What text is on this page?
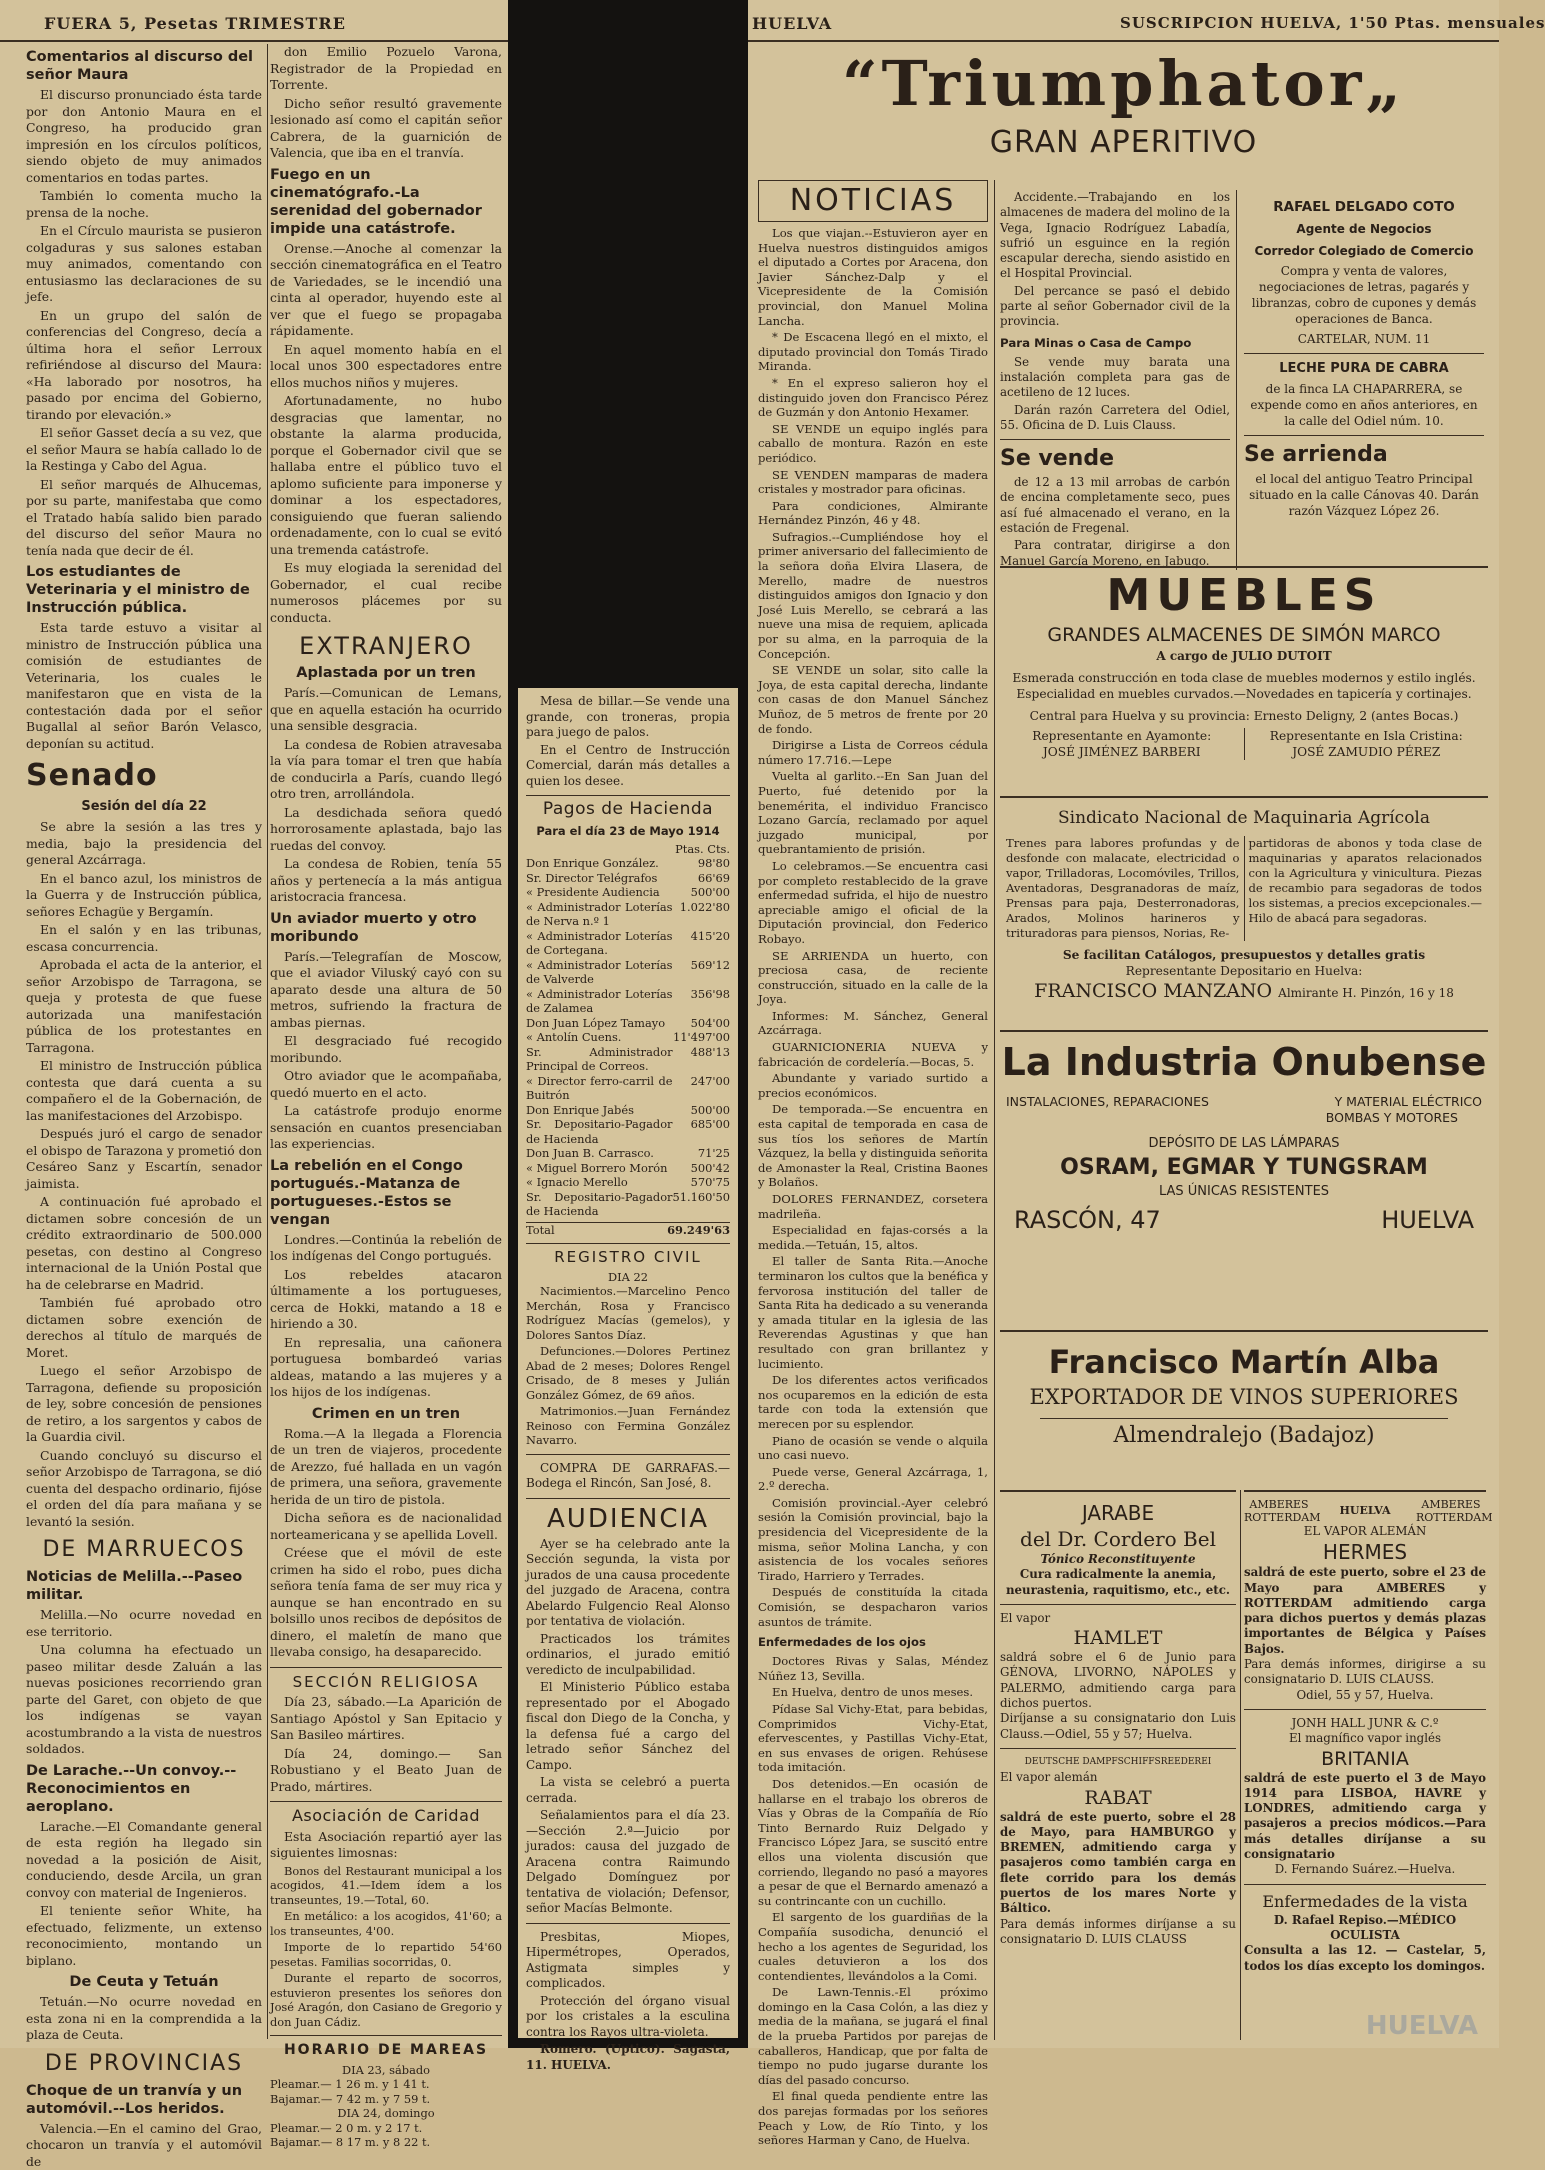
FUERA 5, Pesetas TRIMESTRE	HUELVA	SUSCRIPCION HUELVA, 1'50 Ptas. mensuales
Comentarios al discurso del señor Maura

El discurso pronunciado ésta tarde por don Antonio Maura en el Congreso, ha producido gran impresión en los círculos políticos, siendo objeto de muy animados comentarios en todas partes.

También lo comenta mucho la prensa de la noche.

En el Círculo maurista se pusieron colgaduras y sus salones estaban muy animados, comentando con entusiasmo las declaraciones de su jefe.

En un grupo del salón de conferencias del Congreso, decía a última hora el señor Lerroux refiriéndose al discurso del Maura: «Ha laborado por nosotros, ha pasado por encima del Gobierno, tirando por elevación.»

El señor Gasset decía a su vez, que el señor Maura se había callado lo de la Restinga y Cabo del Agua.

El señor marqués de Alhucemas, por su parte, manifestaba que como el Tratado había salido bien parado del discurso del señor Maura no tenía nada que decir de él.

Los estudiantes de Veterinaria y el ministro de Instrucción pública.

Esta tarde estuvo a visitar al ministro de Instrucción pública una comisión de estudiantes de Veterinaria, los cuales le manifestaron que en vista de la contestación dada por el señor Bugallal al señor Barón Velasco, deponían su actitud.

Senado
Sesión del día 22

Se abre la sesión a las tres y media, bajo la presidencia del general Azcárraga.

En el banco azul, los ministros de la Guerra y de Instrucción pública, señores Echagüe y Bergamín.

En el salón y en las tribunas, escasa concurrencia.

Aprobada el acta de la anterior, el señor Arzobispo de Tarragona, se queja y protesta de que fuese autorizada una manifestación pública de los protestantes en Tarragona.

El ministro de Instrucción pública contesta que dará cuenta a su compañero el de la Gobernación, de las manifestaciones del Arzobispo.

Después juró el cargo de senador el obispo de Tarazona y prometió don Cesáreo Sanz y Escartín, senador jaimista.

A continuación fué aprobado el dictamen sobre concesión de un crédito extraordinario de 500.000 pesetas, con destino al Congreso internacional de la Unión Postal que ha de celebrarse en Madrid.

También fué aprobado otro dictamen sobre exención de derechos al título de marqués de Moret.

Luego el señor Arzobispo de Tarragona, defiende su proposición de ley, sobre concesión de pensiones de retiro, a los sargentos y cabos de la Guardia civil.

Cuando concluyó su discurso el señor Arzobispo de Tarragona, se dió cuenta del despacho ordinario, fijóse el orden del día para mañana y se levantó la sesión.

DE MARRUECOS
Noticias de Melilla.--Paseo militar.

Melilla.—No ocurre novedad en ese territorio.

Una columna ha efectuado un paseo militar desde Zaluán a las nuevas posiciones recorriendo gran parte del Garet, con objeto de que los indígenas se vayan acostumbrando a la vista de nuestros soldados.

De Larache.--Un convoy.--Reconocimientos en aeroplano.

Larache.—El Comandante general de esta región ha llegado sin novedad a la posición de Aisit, conduciendo, desde Arcila, un gran convoy con material de Ingenieros.

El teniente señor White, ha efectuado, felizmente, un extenso reconocimiento, montando un biplano.

De Ceuta y Tetuán

Tetuán.—No ocurre novedad en esta zona ni en la comprendida a la plaza de Ceuta.

DE PROVINCIAS
Choque de un tranvía y un automóvil.--Los heridos.

Valencia.—En el camino del Grao, chocaron un tranvía y el automóvil de

don Emilio Pozuelo Varona, Registrador de la Propiedad en Torrente.

Dicho señor resultó gravemente lesionado así como el capitán señor Cabrera, de la guarnición de Valencia, que iba en el tranvía.

Fuego en un cinematógrafo.-La serenidad del gobernador impide una catástrofe.

Orense.—Anoche al comenzar la sección cinematográfica en el Teatro de Variedades, se le incendió una cinta al operador, huyendo este al ver que el fuego se propagaba rápidamente.

En aquel momento había en el local unos 300 espectadores entre ellos muchos niños y mujeres.

Afortunadamente, no hubo desgracias que lamentar, no obstante la alarma producida, porque el Gobernador civil que se hallaba entre el público tuvo el aplomo suficiente para imponerse y dominar a los espectadores, consiguiendo que fueran saliendo ordenadamente, con lo cual se evitó una tremenda catástrofe.

Es muy elogiada la serenidad del Gobernador, el cual recibe numerosos plácemes por su conducta.

EXTRANJERO
Aplastada por un tren

París.—Comunican de Lemans, que en aquella estación ha ocurrido una sensible desgracia.

La condesa de Robien atravesaba la vía para tomar el tren que había de conducirla a París, cuando llegó otro tren, arrollándola.

La desdichada señora quedó horrorosamente aplastada, bajo las ruedas del convoy.

La condesa de Robien, tenía 55 años y pertenecía a la más antigua aristocracia francesa.

Un aviador muerto y otro moribundo

París.—Telegrafían de Moscow, que el aviador Viluský cayó con su aparato desde una altura de 50 metros, sufriendo la fractura de ambas piernas.

El desgraciado fué recogido moribundo.

Otro aviador que le acompañaba, quedó muerto en el acto.

La catástrofe produjo enorme sensación en cuantos presenciaban las experiencias.

La rebelión en el Congo portugués.-Matanza de portugueses.-Estos se vengan

Londres.—Continúa la rebelión de los indígenas del Congo portugués.

Los rebeldes atacaron últimamente a los portugueses, cerca de Hokki, matando a 18 e hiriendo a 30.

En represalia, una cañonera portuguesa bombardeó varias aldeas, matando a las mujeres y a los hijos de los indígenas.

Crimen en un tren

Roma.—A la llegada a Florencia de un tren de viajeros, procedente de Arezzo, fué hallada en un vagón de primera, una señora, gravemente herida de un tiro de pistola.

Dicha señora es de nacionalidad norteamericana y se apellida Lovell.

Créese que el móvil de este crimen ha sido el robo, pues dicha señora tenía fama de ser muy rica y aunque se han encontrado en su bolsillo unos recibos de depósitos de dinero, el maletín de mano que llevaba consigo, ha desaparecido.

SECCIÓN RELIGIOSA

Día 23, sábado.—La Aparición de Santiago Apóstol y San Epitacio y San Basileo mártires.

Día 24, domingo.— San Robustiano y el Beato Juan de Prado, mártires.

Asociación de Caridad

Esta Asociación repartió ayer las siguientes limosnas:

Bonos del Restaurant municipal a los acogidos, 41.—Idem ídem a los transeuntes, 19.—Total, 60.

En metálico: a los acogidos, 41'60; a los transeuntes, 4'00.

Importe de lo repartido 54'60 pesetas. Familias socorridas, 0.

Durante el reparto de socorros, estuvieron presentes los señores don José Aragón, don Casiano de Gregorio y don Juan Cádiz.

HORARIO DE MAREAS
DIA 23, sábado
Pleamar.— 1 26 m. y 1 41 t.
Bajamar.— 7 42 m. y 7 59 t.
DIA 24, domingo
Pleamar.— 2 0 m. y 2 17 t.
Bajamar.— 8 17 m. y 8 22 t.

Mesa de billar.—Se vende una grande, con troneras, propia para juego de palos.

En el Centro de Instrucción Comercial, darán más detalles a quien los desee.

Pagos de Hacienda
Para el día 23 de Mayo 1914
Ptas. Cts.
Don Enrique González.	98'80
Sr. Director Telégrafos	66'69
« Presidente Audiencia	500'00
« Administrador Loterías de Nerva n.º 1	1.022'80
« Administrador Loterías de Cortegana.	415'20
« Administrador Loterías de Valverde	569'12
« Administrador Loterías de Zalamea	356'98
Don Juan López Tamayo	504'00
« Antolín Cuens.	11'497'00
Sr. Administrador Principal de Correos.	488'13
« Director ferro-carril de Buitrón	247'00
Don Enrique Jabés	500'00
Sr. Depositario-Pagador de Hacienda	685'00
Don Juan B. Carrasco.	71'25
« Miguel Borrero Morón	500'42
« Ignacio Merello	570'75
Sr. Depositario-Pagador de Hacienda	51.160'50
Total	69.249'63
REGISTRO CIVIL
DIA 22

Nacimientos.—Marcelino Penco Merchán, Rosa y Francisco Rodríguez Macías (gemelos), y Dolores Santos Díaz.

Defunciones.—Dolores Pertinez Abad de 2 meses; Dolores Rengel Crisado, de 8 meses y Julián González Gómez, de 69 años.

Matrimonios.—Juan Fernández Reinoso con Fermina González Navarro.

COMPRA DE GARRAFAS.—Bodega el Rincón, San José, 8.

AUDIENCIA

Ayer se ha celebrado ante la Sección segunda, la vista por jurados de una causa procedente del juzgado de Aracena, contra Abelardo Fulgencio Real Alonso por tentativa de violación.

Practicados los trámites ordinarios, el jurado emitió veredicto de inculpabilidad.

El Ministerio Público estaba representado por el Abogado fiscal don Diego de la Concha, y la defensa fué a cargo del letrado señor Sánchez del Campo.

La vista se celebró a puerta cerrada.

Señalamientos para el día 23.—Sección 2.ª—Juicio por jurados: causa del juzgado de Aracena contra Raimundo Delgado Domínguez por tentativa de violación; Defensor, señor Macías Belmonte.

Presbitas, Miopes, Hipermétropes, Operados, Astigmata simples y complicados.

Protección del órgano visual por los cristales a la esculina contra los Rayos ultra-violeta.

Romero. (Uptico). Sagasta, 11. HUELVA.

“Triumphator„
GRAN APERITIVO
NOTICIAS

Los que viajan.--Estuvieron ayer en Huelva nuestros distinguidos amigos el diputado a Cortes por Aracena, don Javier Sánchez-Dalp y el Vicepresidente de la Comisión provincial, don Manuel Molina Lancha.

* De Escacena llegó en el mixto, el diputado provincial don Tomás Tirado Miranda.

* En el expreso salieron hoy el distinguido joven don Francisco Pérez de Guzmán y don Antonio Hexamer.

SE VENDE un equipo inglés para caballo de montura. Razón en este periódico.

SE VENDEN mamparas de madera cristales y mostrador para oficinas.

Para condiciones, Almirante Hernández Pinzón, 46 y 48.

Sufragios.--Cumpliéndose hoy el primer aniversario del fallecimiento de la señora doña Elvira Llasera, de Merello, madre de nuestros distinguidos amigos don Ignacio y don José Luis Merello, se cebrará a las nueve una misa de requiem, aplicada por su alma, en la parroquia de la Concepción.

SE VENDE un solar, sito calle la Joya, de esta capital derecha, lindante con casas de don Manuel Sánchez Muñoz, de 5 metros de frente por 20 de fondo.

Dirigirse a Lista de Correos cédula número 17.716.—Lepe

Vuelta al garlito.--En San Juan del Puerto, fué detenido por la benemérita, el individuo Francisco Lozano García, reclamado por aquel juzgado municipal, por quebrantamiento de prisión.

Lo celebramos.—Se encuentra casi por completo restablecido de la grave enfermedad sufrida, el hijo de nuestro apreciable amigo el oficial de la Diputación provincial, don Federico Robayo.

SE ARRIENDA un huerto, con preciosa casa, de reciente construcción, situado en la calle de la Joya.

Informes: M. Sánchez, General Azcárraga.

GUARNICIONERIA NUEVA y fabricación de cordelería.—Bocas, 5.

Abundante y variado surtido a precios económicos.

De temporada.—Se encuentra en esta capital de temporada en casa de sus tíos los señores de Martín Vázquez, la bella y distinguida señorita de Amonaster la Real, Cristina Baones y Bolaños.

DOLORES FERNANDEZ, corsetera madrileña.

Especialidad en fajas-corsés a la medida.—Tetuán, 15, altos.

El taller de Santa Rita.—Anoche terminaron los cultos que la benéfica y fervorosa institución del taller de Santa Rita ha dedicado a su veneranda y amada titular en la iglesia de las Reverendas Agustinas y que han resultado con gran brillantez y lucimiento.

De los diferentes actos verificados nos ocuparemos en la edición de esta tarde con toda la extensión que merecen por su esplendor.

Piano de ocasión se vende o alquila uno casi nuevo.

Puede verse, General Azcárraga, 1, 2.º derecha.

Comisión provincial.-Ayer celebró sesión la Comisión provincial, bajo la presidencia del Vicepresidente de la misma, señor Molina Lancha, y con asistencia de los vocales señores Tirado, Harriero y Terrades.

Después de constituída la citada Comisión, se despacharon varios asuntos de trámite.

Enfermedades de los ojos

Doctores Rivas y Salas, Méndez Núñez 13, Sevilla.

En Huelva, dentro de unos meses.

Pídase Sal Vichy-Etat, para bebidas, Comprimidos Vichy-Etat, efervescentes, y Pastillas Vichy-Etat, en sus envases de origen. Rehúsese toda imitación.

Dos detenidos.—En ocasión de hallarse en el trabajo los obreros de Vías y Obras de la Compañía de Río Tinto Bernardo Ruiz Delgado y Francisco López Jara, se suscitó entre ellos una violenta discusión que corriendo, llegando no pasó a mayores a pesar de que el Bernardo amenazó a su contrincante con un cuchillo.

El sargento de los guardiñas de la Compañía susodicha, denunció el hecho a los agentes de Seguridad, los cuales detuvieron a los dos contendientes, llevándolos a la Comi.

De Lawn-Tennis.-El próximo domingo en la Casa Colón, a las diez y media de la mañana, se jugará el final de la prueba Partidos por parejas de caballeros, Handicap, que por falta de tiempo no pudo jugarse durante los días del pasado concurso.

El final queda pendiente entre las dos parejas formadas por los señores Peach y Low, de Río Tinto, y los señores Harman y Cano, de Huelva.

Accidente.—Trabajando en los almacenes de madera del molino de la Vega, Ignacio Rodríguez Labadía, sufrió un esguince en la región escapular derecha, siendo asistido en el Hospital Provincial.

Del percance se pasó el debido parte al señor Gobernador civil de la provincia.

Para Minas o Casa de Campo

Se vende muy barata una instalación completa para gas de acetileno de 12 luces.

Darán razón Carretera del Odiel, 55. Oficina de D. Luis Clauss.

Se vende

de 12 a 13 mil arrobas de carbón de encina completamente seco, pues así fué almacenado el verano, en la estación de Fregenal.

Para contratar, dirigirse a don Manuel García Moreno, en Jabugo.

RAFAEL DELGADO COTO
Agente de Negocios
Corredor Colegiado de Comercio

Compra y venta de valores, negociaciones de letras, pagarés y libranzas, cobro de cupones y demás operaciones de Banca.

CARTELAR, NUM. 11
LECHE PURA DE CABRA

de la finca LA CHAPARRERA, se expende como en años anteriores, en la calle del Odiel núm. 10.

Se arrienda

el local del antiguo Teatro Principal situado en la calle Cánovas 40. Darán razón Vázquez López 26.

MUEBLES
GRANDES ALMACENES DE SIMÓN MARCO
A cargo de JULIO DUTOIT
Esmerada construcción en toda clase de muebles modernos y estilo inglés. Especialidad en muebles curvados.—Novedades en tapicería y cortinajes.
Central para Huelva y su provincia: Ernesto Deligny, 2 (antes Bocas.)
Representante en Ayamonte:
JOSÉ JIMÉNEZ BARBERI
Representante en Isla Cristina:
JOSÉ ZAMUDIO PÉREZ
Sindicato Nacional de Maquinaria Agrícola
Trenes para labores profundas y de desfonde con malacate, electricidad o vapor, Trilladoras, Locomóviles, Trillos, Aventadoras, Desgranadoras de maíz, Prensas para paja, Desterronadoras, Arados, Molinos harineros y trituradoras para piensos, Norias, Re-
partidoras de abonos y toda clase de maquinarias y aparatos relacionados con la Agricultura y vinicultura. Piezas de recambio para segadoras de todos los sistemas, a precios excepcionales.—Hilo de abacá para segadoras.
Se facilitan Catálogos, presupuestos y detalles gratis
Representante Depositario en Huelva:
FRANCISCO MANZANO Almirante H. Pinzón, 16 y 18
La Industria Onubense
INSTALACIONES, REPARACIONES	Y MATERIAL ELÉCTRICO
BOMBAS Y MOTORES
DEPÓSITO DE LAS LÁMPARAS
OSRAM, EGMAR Y TUNGSRAM
LAS ÚNICAS RESISTENTES
RASCÓN, 47	HUELVA
Francisco Martín Alba
EXPORTADOR DE VINOS SUPERIORES
Almendralejo (Badajoz)
JARABE
del Dr. Cordero Bel
Tónico Reconstituyente
Cura radicalmente la anemia, neurastenia, raquitismo, etc., etc.
El vapor
HAMLET
saldrá sobre el 6 de Junio para GÉNOVA, LIVORNO, NÁPOLES y PALERMO, admitiendo carga para dichos puertos.
Diríjanse a su consignatario don Luis Clauss.—Odiel, 55 y 57; Huelva.
DEUTSCHE DAMPFSCHIFFSREEDEREI
El vapor alemán
RABAT
saldrá de este puerto, sobre el 28 de Mayo, para HAMBURGO y BREMEN, admitiendo carga y pasajeros como también carga en flete corrido para los demás puertos de los mares Norte y Báltico.
Para demás informes diríjanse a su consignatario D. LUIS CLAUSS
AMBERES ROTTERDAM
HUELVA	AMBERES ROTTERDAM
EL VAPOR ALEMÁN
HERMES
saldrá de este puerto, sobre el 23 de Mayo para AMBERES y ROTTERDAM admitiendo carga para dichos puertos y demás plazas importantes de Bélgica y Países Bajos.
Para demás informes, dirigirse a su consignatario D. LUIS CLAUSS.
Odiel, 55 y 57, Huelva.
JONH HALL JUNR & C.º
El magnífico vapor inglés
BRITANIA
saldrá de este puerto el 3 de Mayo 1914 para LISBOA, HAVRE y LONDRES, admitiendo carga y pasajeros a precios módicos.—Para más detalles diríjanse a su consignatario
D. Fernando Suárez.—Huelva.
Enfermedades de la vista
D. Rafael Repiso.—MÉDICO OCULISTA
Consulta a las 12. — Castelar, 5, todos los días excepto los domingos.
HUELVA
